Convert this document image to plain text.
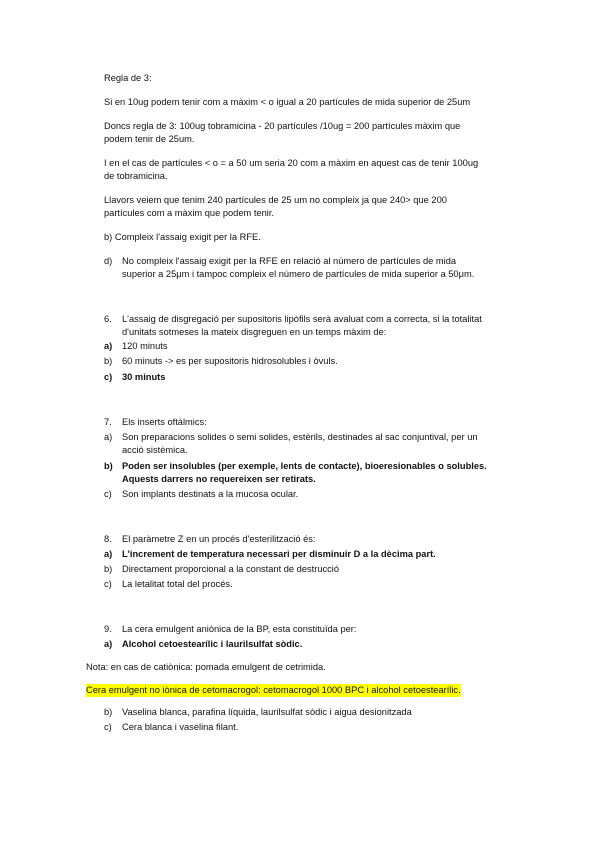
Regla de 3:
Si en 10ug podem tenir com a màxim < o igual a 20 partícules de mida superior de 25um
Doncs regla de 3: 100ug tobramicina - 20 partícules /10ug = 200 partícules màxim que
podem tenir de 25um.
I en el cas de partícules < o = a 50 um seria 20 com a màxim en aquest cas de tenir 100ug
de tobramicina.
Llavors veiem que tenim 240 partícules de 25 um no compleix ja que 240> que 200
partícules com a màxim que podem tenir.
b) Compleix l'assaig exigit per la RFE.
d) No compleix l'assaig exigit per la RFE en relació al número de partícules de mida
superior a 25μm i tampoc compleix el número de partícules de mida superior a 50μm.
6. L'assaig de disgregació per supositoris lipòfils serà avaluat com a correcta, si la totalitat
d'unitats sotmeses la mateix disgreguen en un temps màxim de:
a) 120 minuts
b) 60 minuts -> es per supositoris hidrosolubles i òvuls.
c) 30 minuts
7. Els inserts oftàlmics:
a) Son preparacions solides o semi solides, estèrils, destinades al sac conjuntival, per un
acció sistèmica.
b) Poden ser insolubles (per exemple, lents de contacte), bioeresionables o solubles.
Aquests darrers no requereixen ser retirats.
c) Son implants destinats a la mucosa ocular.
8. El paràmetre Z en un procés d'esterilització és:
a) L'increment de temperatura necessari per disminuir D a la dècima part.
b) Directament proporcional a la constant de destrucció
c) La letalitat total del procés.
9. La cera emulgent aniònica de la BP, esta constituïda per:
a) Alcohol cetoestearílic i laurilsulfat sòdic.
Nota: en cas de catiònica: pomada emulgent de cetrimida.
Cera emulgent no iònica de cetomacrogol: cetomacrogol 1000 BPC i alcohol cetoestearílic.
b) Vaselina blanca, parafina líquida, laurilsulfat sòdic i aigua desionitzada
c) Cera blanca i vaselina filant.
